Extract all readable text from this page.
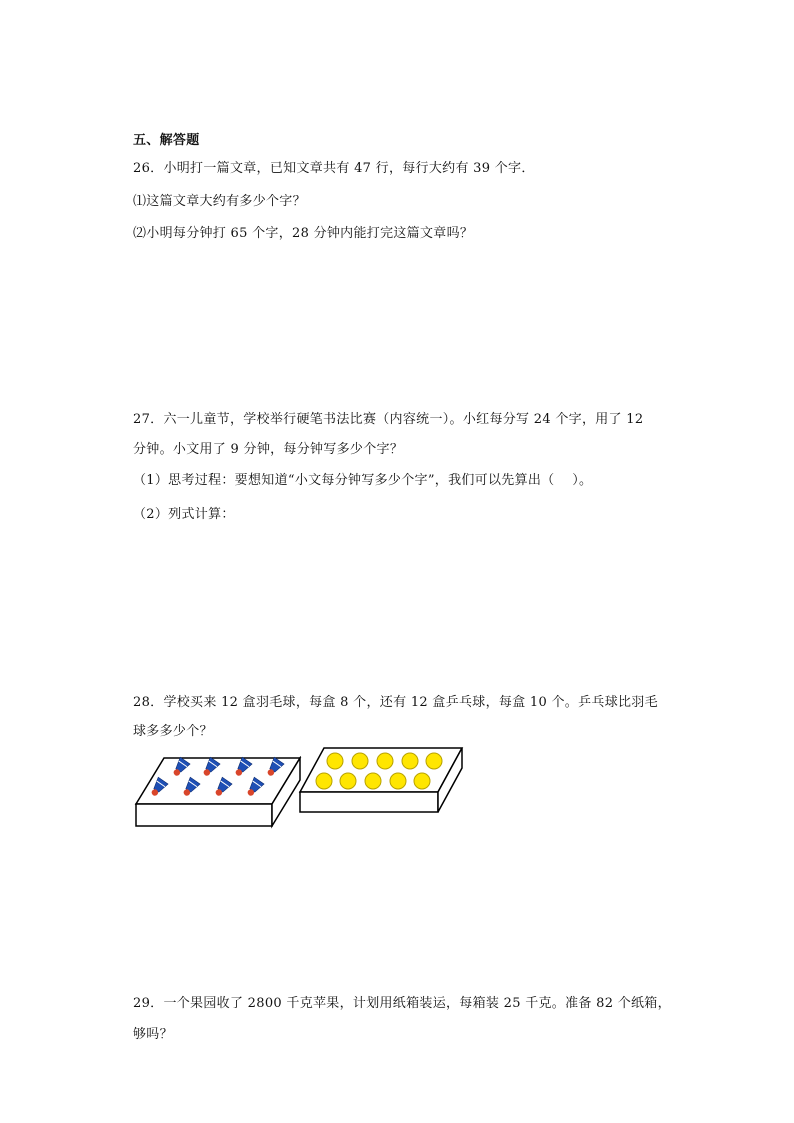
五、解答题
26．小明打一篇文章，已知文章共有 47 行，每行大约有 39 个字．
⑴这篇文章大约有多少个字？
⑵小明每分钟打 65 个字，28 分钟内能打完这篇文章吗？
27．六一儿童节，学校举行硬笔书法比赛（内容统一）。小红每分写 24 个字，用了 12
分钟。小文用了 9 分钟，每分钟写多少个字？
（1）思考过程：要想知道“小文每分钟写多少个字”，我们可以先算出（　 ）。
（2）列式计算：
28．学校买来 12 盒羽毛球，每盒 8 个，还有 12 盒乒乓球，每盒 10 个。乒乓球比羽毛
球多多少个？
29．一个果园收了 2800 千克苹果，计划用纸箱装运，每箱装 25 千克。准备 82 个纸箱，
够吗？
